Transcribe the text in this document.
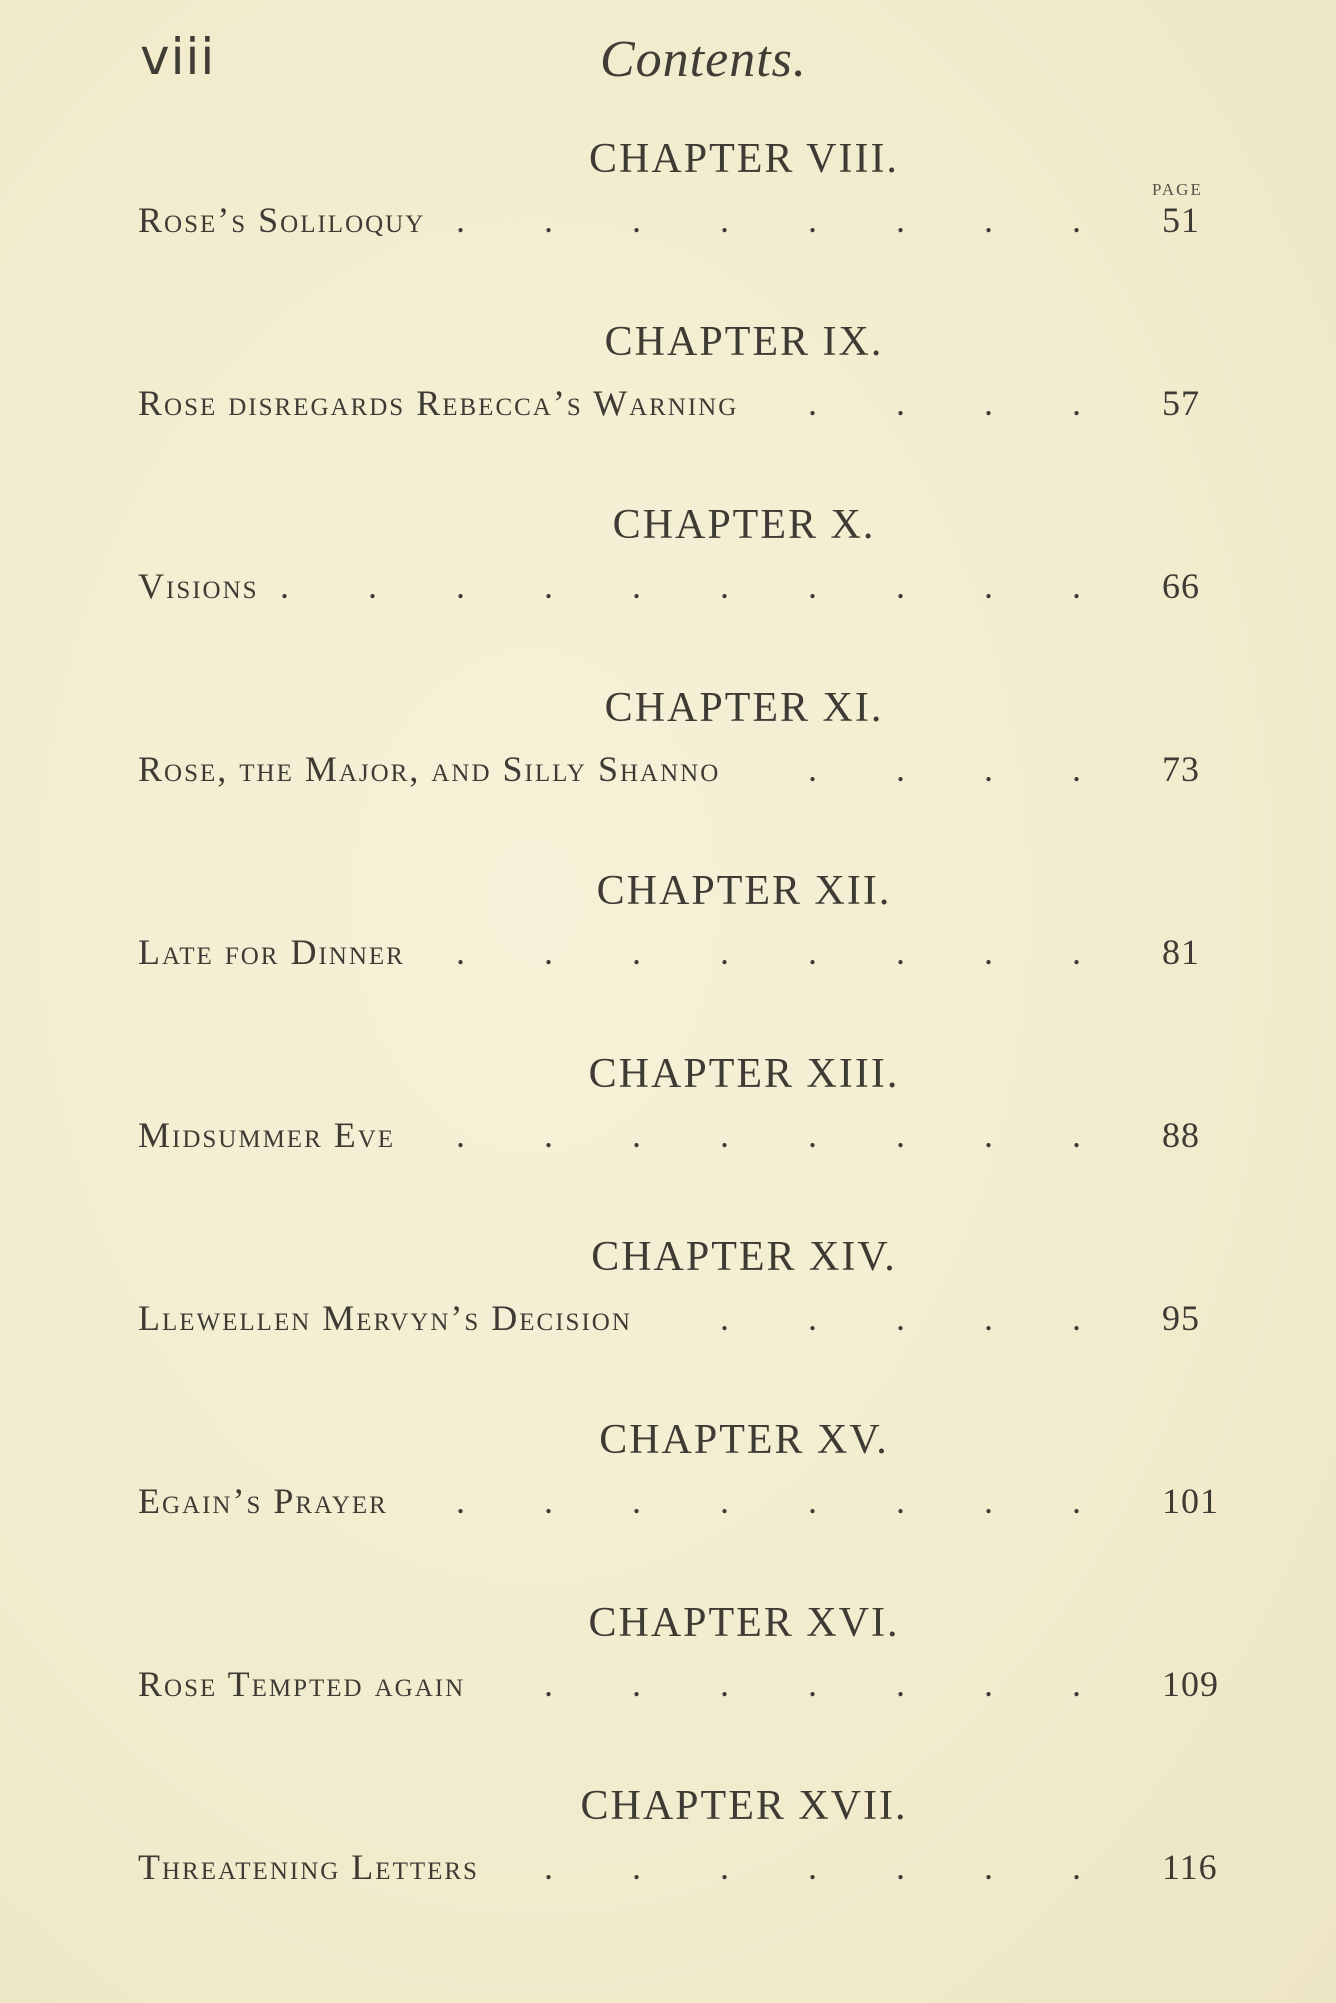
viii	Contents.
PAGE
CHAPTER VIII.
Rose’s Soliloquy . . . . . . . .	51
CHAPTER IX.
Rose disregards Rebecca’s Warning . . . .	57
CHAPTER X.
Visions . . . . . . . . . .	66
CHAPTER XI.
Rose, the Major, and Silly Shanno . . . .	73
CHAPTER XII.
Late for Dinner . . . . . . . .	81
CHAPTER XIII.
Midsummer Eve . . . . . . . .	88
CHAPTER XIV.
Llewellen Mervyn’s Decision . . . . .	95
CHAPTER XV.
Egain’s Prayer . . . . . . . .	101
CHAPTER XVI.
Rose Tempted again . . . . . . .	109
CHAPTER XVII.
Threatening Letters . . . . . . .	116
